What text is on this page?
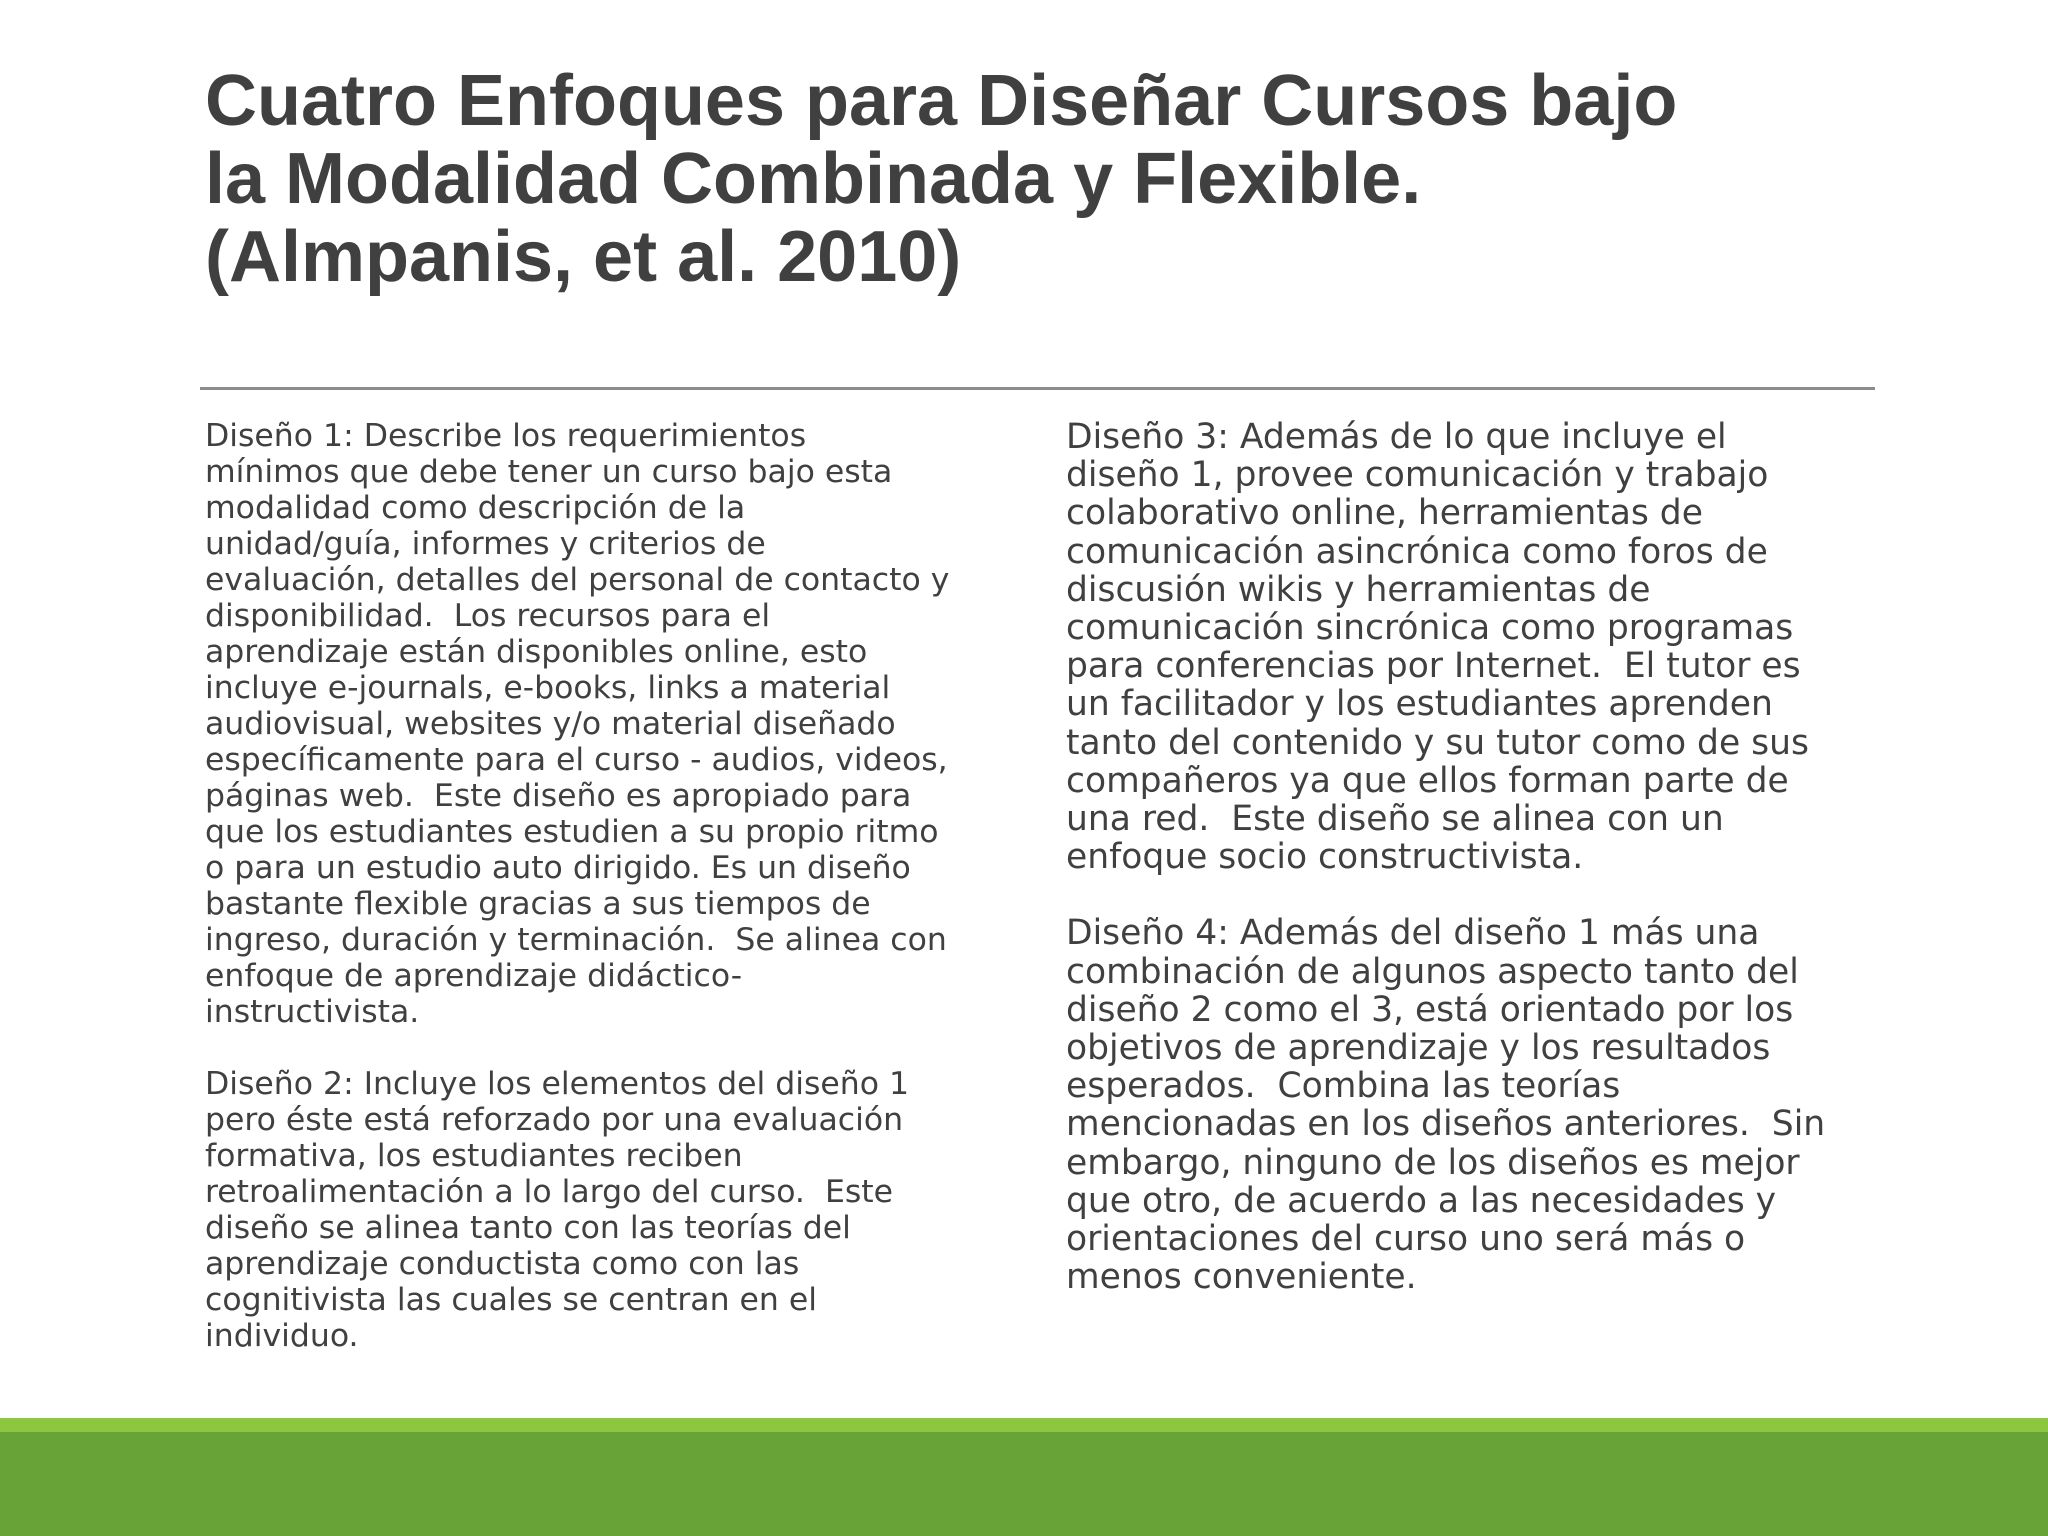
Cuatro Enfoques para Diseñar Cursos bajo
la Modalidad Combinada y Flexible.
(Almpanis, et al. 2010)
Diseño 1: Describe los requerimientos
mínimos que debe tener un curso bajo esta
modalidad como descripción de la
unidad/guía, informes y criterios de
evaluación, detalles del personal de contacto y
disponibilidad.  Los recursos para el
aprendizaje están disponibles online, esto
incluye e-journals, e-books, links a material
audiovisual, websites y/o material diseñado
específicamente para el curso - audios, videos,
páginas web.  Este diseño es apropiado para
que los estudiantes estudien a su propio ritmo
o para un estudio auto dirigido. Es un diseño
bastante flexible gracias a sus tiempos de
ingreso, duración y terminación.  Se alinea con
enfoque de aprendizaje didáctico-
instructivista.
Diseño 2: Incluye los elementos del diseño 1
pero éste está reforzado por una evaluación
formativa, los estudiantes reciben
retroalimentación a lo largo del curso.  Este
diseño se alinea tanto con las teorías del
aprendizaje conductista como con las
cognitivista las cuales se centran en el
individuo.
Diseño 3: Además de lo que incluye el
diseño 1, provee comunicación y trabajo
colaborativo online, herramientas de
comunicación asincrónica como foros de
discusión wikis y herramientas de
comunicación sincrónica como programas
para conferencias por Internet.  El tutor es
un facilitador y los estudiantes aprenden
tanto del contenido y su tutor como de sus
compañeros ya que ellos forman parte de
una red.  Este diseño se alinea con un
enfoque socio constructivista.
Diseño 4: Además del diseño 1 más una
combinación de algunos aspecto tanto del
diseño 2 como el 3, está orientado por los
objetivos de aprendizaje y los resultados
esperados.  Combina las teorías
mencionadas en los diseños anteriores.  Sin
embargo, ninguno de los diseños es mejor
que otro, de acuerdo a las necesidades y
orientaciones del curso uno será más o
menos conveniente.
